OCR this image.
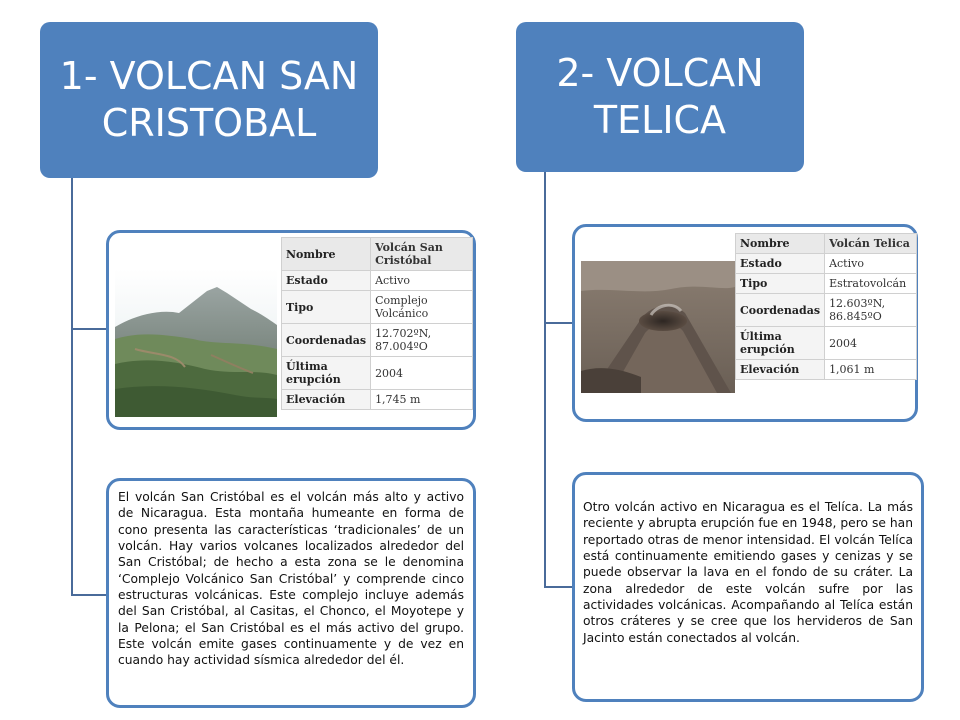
1- VOLCAN SAN CRISTOBAL
Nombre	Volcán San Cristóbal
Estado	Activo
Tipo	Complejo Volcánico
Coordenadas	12.702ºN, 87.004ºO
Última erupción	2004
Elevación	1,745 m

El volcán San Cristóbal es el volcán más alto y activo de Nicaragua. Esta montaña humeante en forma de cono presenta las características ‘tradicionales’ de un volcán. Hay varios volcanes localizados alrededor del San Cristóbal; de hecho a esta zona se le denomina ‘Complejo Volcánico San Cristóbal’ y comprende cinco estructuras volcánicas. Este complejo incluye además del San Cristóbal, al Casitas, el Chonco, el Moyotepe y la Pelona; el San Cristóbal es el más activo del grupo. Este volcán emite gases continuamente y de vez en cuando hay actividad sísmica alrededor del él.

2- VOLCAN TELICA
Nombre	Volcán Telica
Estado	Activo
Tipo	Estratovolcán
Coordenadas	12.603ºN, 86.845ºO
Última erupción	2004
Elevación	1,061 m

Otro volcán activo en Nicaragua es el Telíca. La más reciente y abrupta erupción fue en 1948, pero se han reportado otras de menor intensidad. El volcán Telíca está continuamente emitiendo gases y cenizas y se puede observar la lava en el fondo de su cráter. La zona alrededor de este volcán sufre por las actividades volcánicas. Acompañando al Telíca están otros cráteres y se cree que los hervideros de San Jacinto están conectados al volcán.
